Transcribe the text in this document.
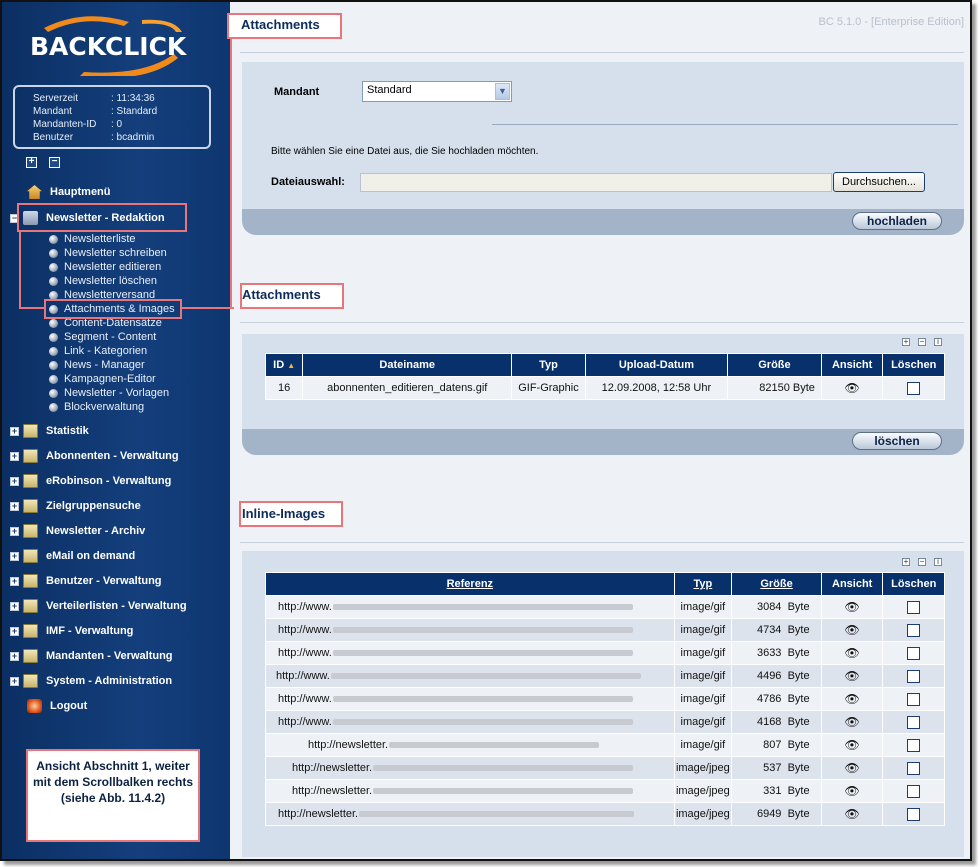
BACKCLICK
Serverzeit	: 11:34:36
Mandant	: Standard
Mandanten-ID	: 0
Benutzer	: bcadmin
+ −
Hauptmenü
−	Newsletter - Redaktion
Newsletterliste
Newsletter schreiben
Newsletter editieren
Newsletter löschen
Newsletterversand
Attachments & Images
Content-Datensätze
Segment - Content
Link - Kategorien
News - Manager
Kampagnen-Editor
Newsletter - Vorlagen
Blockverwaltung
+	Statistik
+	Abonnenten - Verwaltung
+	eRobinson - Verwaltung
+	Zielgruppensuche
+	Newsletter - Archiv
+	eMail on demand
+	Benutzer - Verwaltung
+	Verteilerlisten - Verwaltung
+	IMF - Verwaltung
+	Mandanten - Verwaltung
+	System - Administration
Logout
Ansicht Abschnitt 1, weiter mit dem Scrollbalken rechts (siehe Abb. 11.4.2)
BC 5.1.0 - [Enterprise Edition]
Attachments
Mandant	Standard	▼
Bitte wählen Sie eine Datei aus, die Sie hochladen möchten.
Dateiauswahl:	Durchsuchen...
hochladen
Attachments
+ −	i
ID ▲	Dateiname	Typ	Upload-Datum	Größe	Ansicht	Löschen
16	abonnenten_editieren_datens.gif	GIF-Graphic	12.09.2008, 12:58 Uhr	82150 Byte	👁	
löschen
Inline-Images
+ −	i
Referenz	Typ	Größe	Ansicht	Löschen
http://www.	image/gif	3084 Byte	👁	
http://www.	image/gif	4734 Byte	👁	
http://www.	image/gif	3633 Byte	👁	
http://www.	image/gif	4496 Byte	👁	
http://www.	image/gif	4786 Byte	👁	
http://www.	image/gif	4168 Byte	👁	
http://newsletter.	image/gif	807 Byte	👁	
http://newsletter.	image/jpeg	537 Byte	👁	
http://newsletter.	image/jpeg	331 Byte	👁	
http://newsletter.	image/jpeg	6949 Byte	👁	
